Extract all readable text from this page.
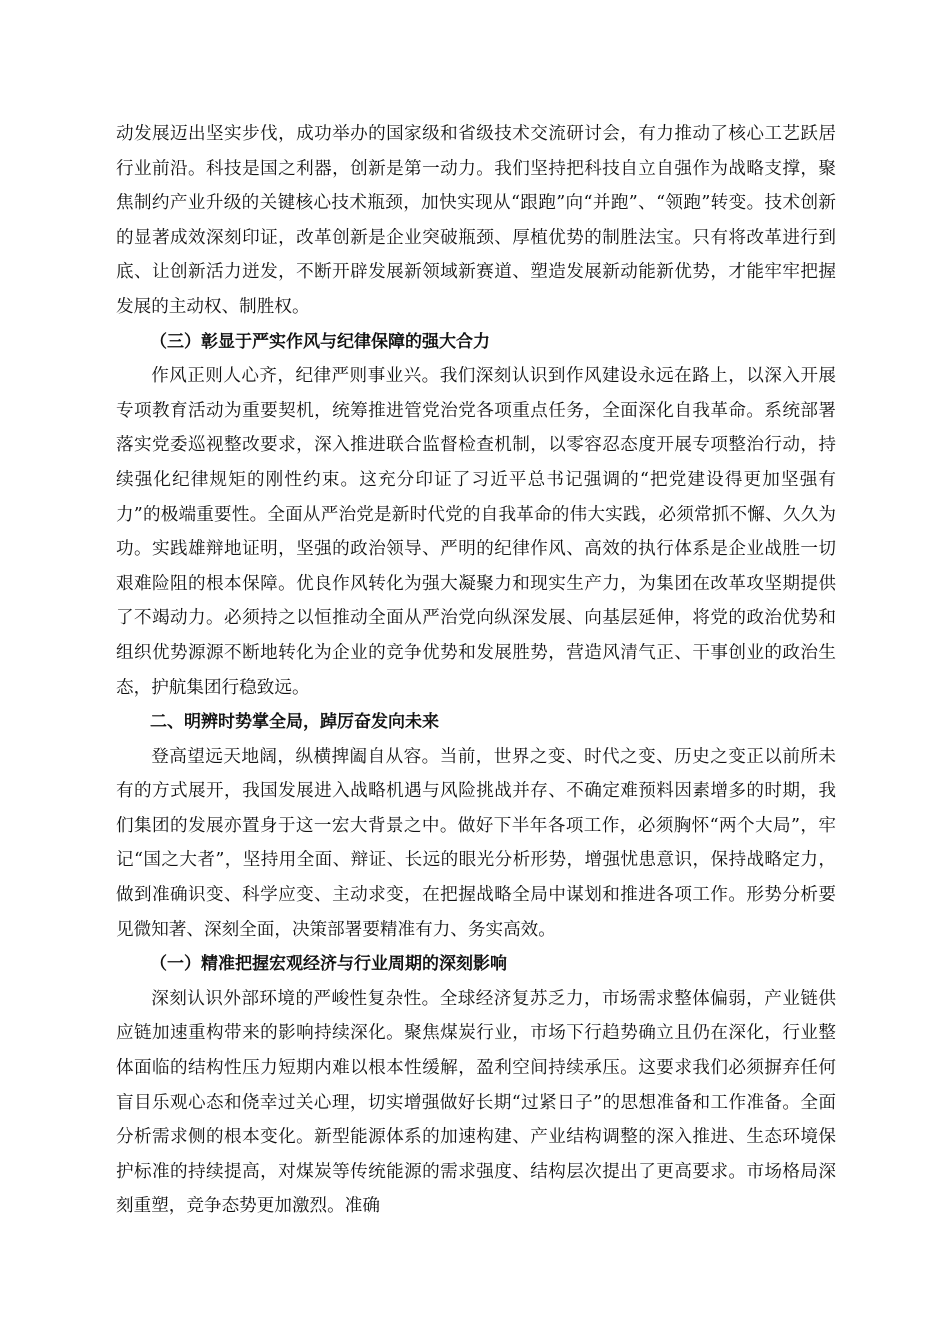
动发展迈出坚实步伐，成功举办的国家级和省级技术交流研讨会，有力推动了核心工艺跃居行业前沿。科技是国之利器，创新是第一动力。我们坚持把科技自立自强作为战略支撑，聚焦制约产业升级的关键核心技术瓶颈，加快实现从“跟跑”向“并跑”、“领跑”转变。技术创新的显著成效深刻印证，改革创新是企业突破瓶颈、厚植优势的制胜法宝。只有将改革进行到底、让创新活力迸发，不断开辟发展新领域新赛道、塑造发展新动能新优势，才能牢牢把握发展的主动权、制胜权。

（三）彰显于严实作风与纪律保障的强大合力

作风正则人心齐，纪律严则事业兴。我们深刻认识到作风建设永远在路上，以深入开展专项教育活动为重要契机，统筹推进管党治党各项重点任务，全面深化自我革命。系统部署落实党委巡视整改要求，深入推进联合监督检查机制，以零容忍态度开展专项整治行动，持续强化纪律规矩的刚性约束。这充分印证了习近平总书记强调的“把党建设得更加坚强有力”的极端重要性。全面从严治党是新时代党的自我革命的伟大实践，必须常抓不懈、久久为功。实践雄辩地证明，坚强的政治领导、严明的纪律作风、高效的执行体系是企业战胜一切艰难险阻的根本保障。优良作风转化为强大凝聚力和现实生产力，为集团在改革攻坚期提供了不竭动力。必须持之以恒推动全面从严治党向纵深发展、向基层延伸，将党的政治优势和组织优势源源不断地转化为企业的竞争优势和发展胜势，营造风清气正、干事创业的政治生态，护航集团行稳致远。

二、明辨时势掌全局，踔厉奋发向未来

登高望远天地阔，纵横捭阖自从容。当前，世界之变、时代之变、历史之变正以前所未有的方式展开，我国发展进入战略机遇与风险挑战并存、不确定难预料因素增多的时期，我们集团的发展亦置身于这一宏大背景之中。做好下半年各项工作，必须胸怀“两个大局”，牢记“国之大者”，坚持用全面、辩证、长远的眼光分析形势，增强忧患意识，保持战略定力，做到准确识变、科学应变、主动求变，在把握战略全局中谋划和推进各项工作。形势分析要见微知著、深刻全面，决策部署要精准有力、务实高效。

（一）精准把握宏观经济与行业周期的深刻影响

深刻认识外部环境的严峻性复杂性。全球经济复苏乏力，市场需求整体偏弱，产业链供应链加速重构带来的影响持续深化。聚焦煤炭行业，市场下行趋势确立且仍在深化，行业整体面临的结构性压力短期内难以根本性缓解，盈利空间持续承压。这要求我们必须摒弃任何盲目乐观心态和侥幸过关心理，切实增强做好长期“过紧日子”的思想准备和工作准备。全面分析需求侧的根本变化。新型能源体系的加速构建、产业结构调整的深入推进、生态环境保护标准的持续提高，对煤炭等传统能源的需求强度、结构层次提出了更高要求。市场格局深刻重塑，竞争态势更加激烈。准确
